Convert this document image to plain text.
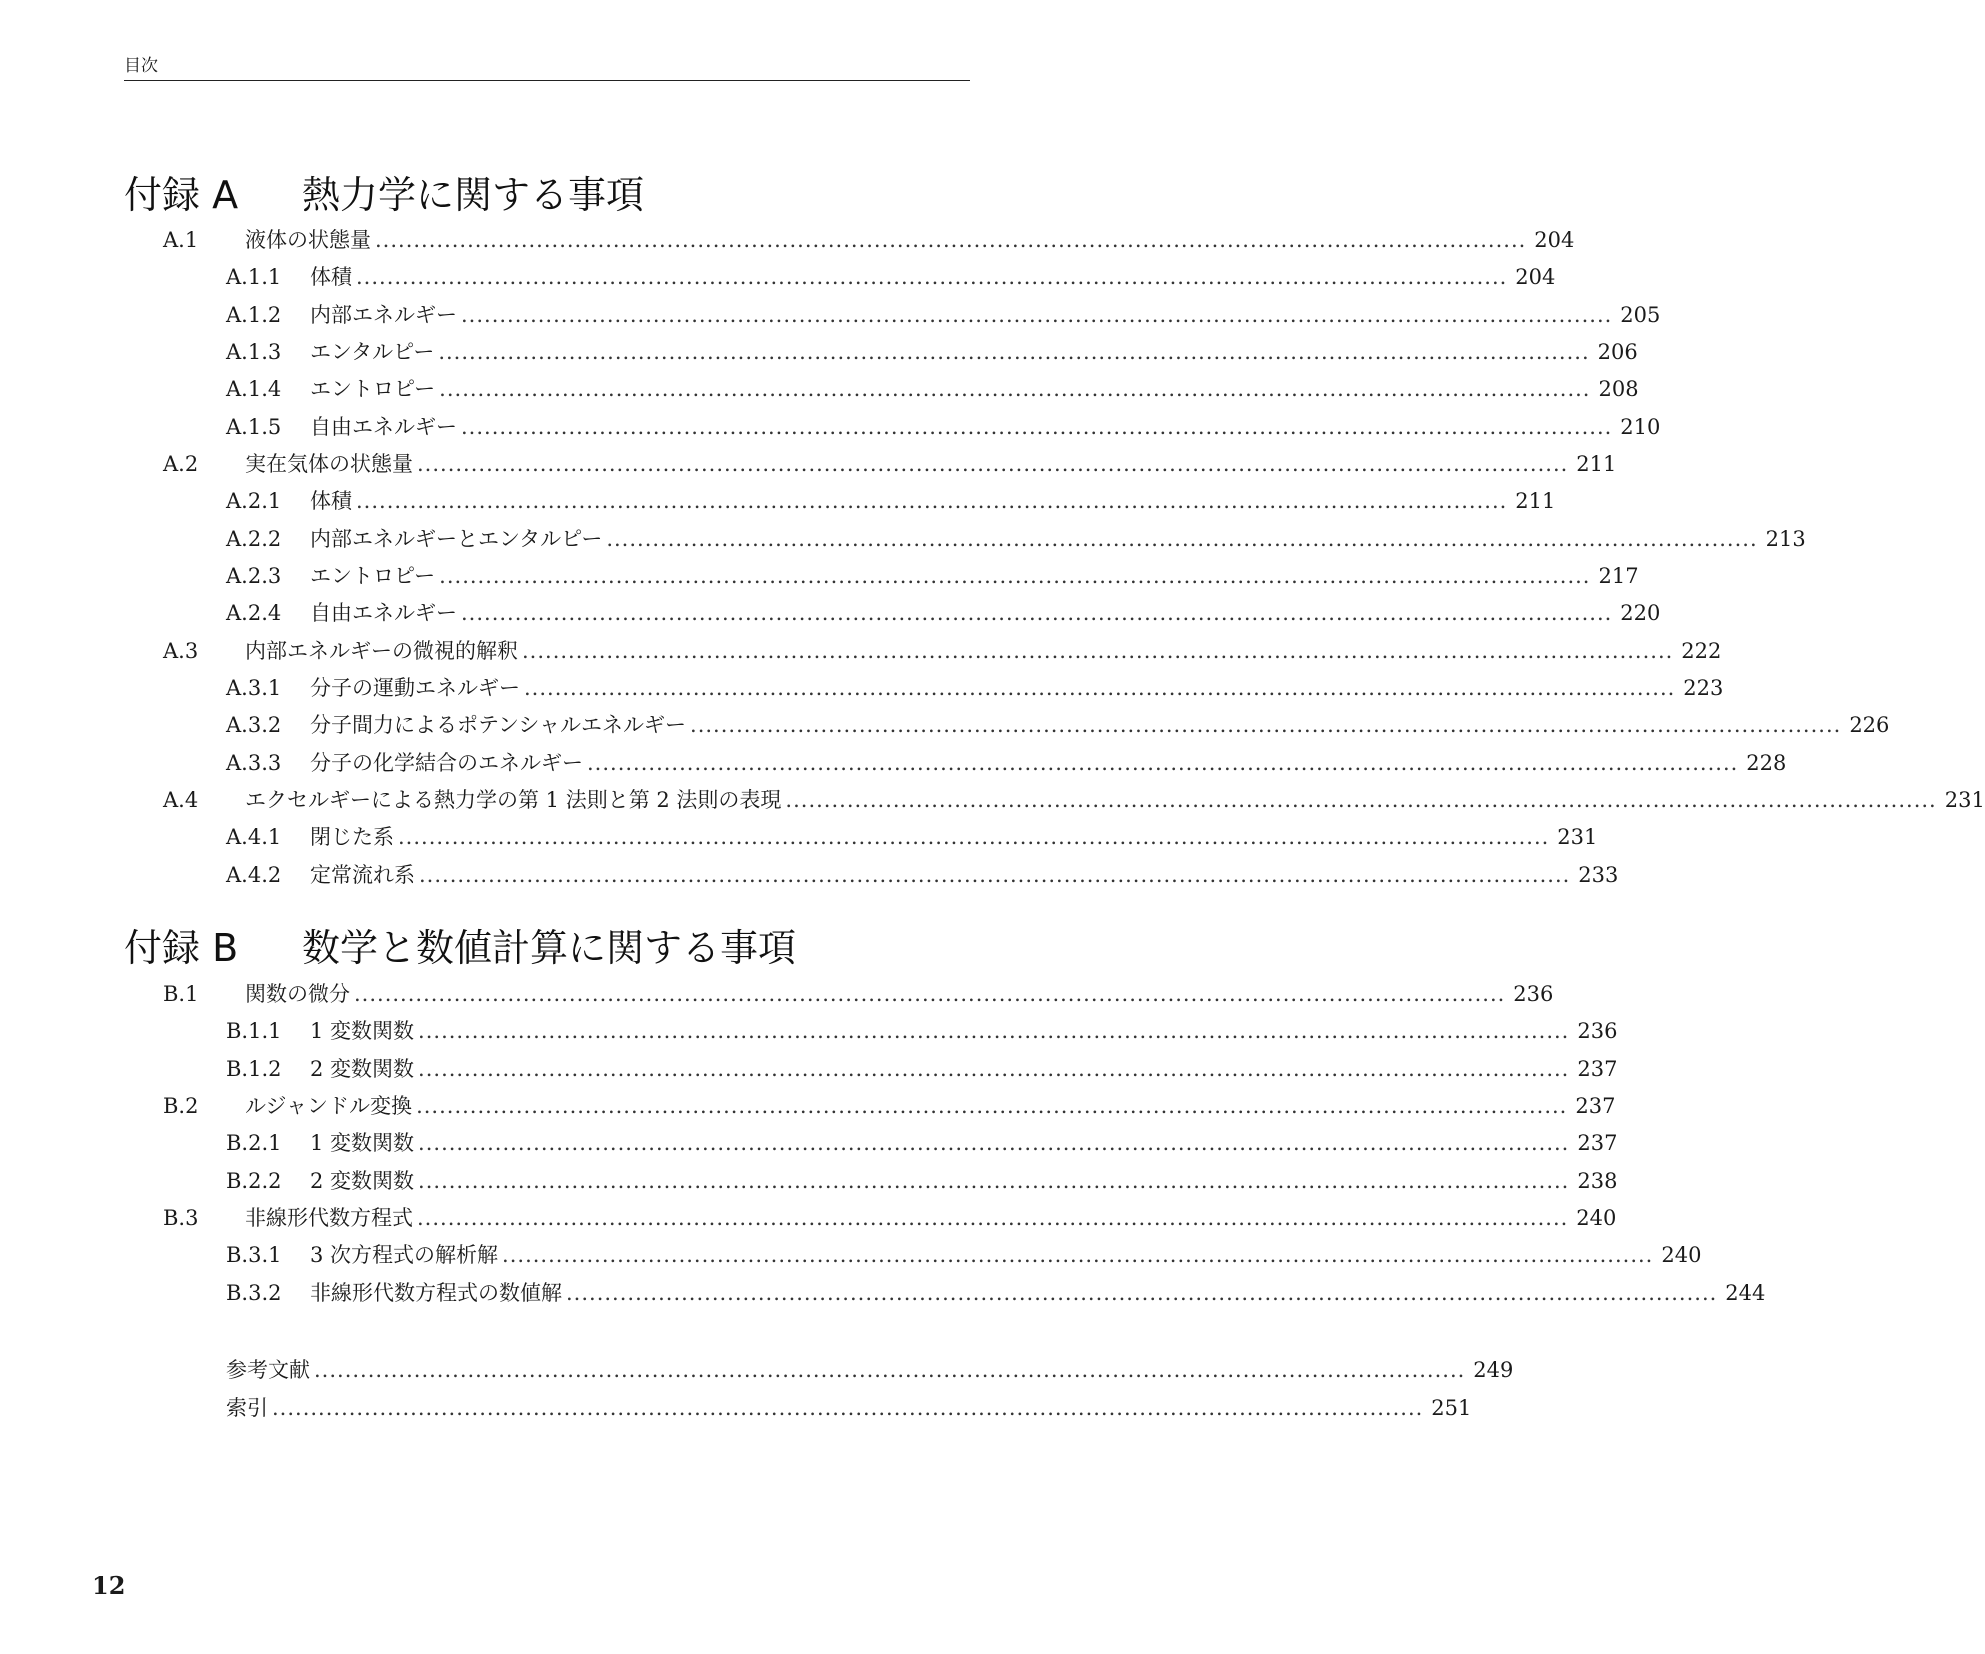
目次
付録 A 熱力学に関する事項
A.1	液体の状態量 ...................................................................................................................................................... 204
A.1.1	体積 ...................................................................................................................................................... 204
A.1.2	内部エネルギー ...................................................................................................................................................... 205
A.1.3	エンタルピー ...................................................................................................................................................... 206
A.1.4	エントロピー ...................................................................................................................................................... 208
A.1.5	自由エネルギー ...................................................................................................................................................... 210
A.2	実在気体の状態量 ...................................................................................................................................................... 211
A.2.1	体積 ...................................................................................................................................................... 211
A.2.2	内部エネルギーとエンタルピー ...................................................................................................................................................... 213
A.2.3	エントロピー ...................................................................................................................................................... 217
A.2.4	自由エネルギー ...................................................................................................................................................... 220
A.3	内部エネルギーの微視的解釈 ...................................................................................................................................................... 222
A.3.1	分子の運動エネルギー ...................................................................................................................................................... 223
A.3.2	分子間力によるポテンシャルエネルギー ...................................................................................................................................................... 226
A.3.3	分子の化学結合のエネルギー ...................................................................................................................................................... 228
A.4	エクセルギーによる熱力学の第 1 法則と第 2 法則の表現 ...................................................................................................................................................... 231
A.4.1	閉じた系 ...................................................................................................................................................... 231
A.4.2	定常流れ系 ...................................................................................................................................................... 233
付録 B 数学と数値計算に関する事項
B.1	関数の微分 ...................................................................................................................................................... 236
B.1.1	1 変数関数 ...................................................................................................................................................... 236
B.1.2	2 変数関数 ...................................................................................................................................................... 237
B.2	ルジャンドル変換 ...................................................................................................................................................... 237
B.2.1	1 変数関数 ...................................................................................................................................................... 237
B.2.2	2 変数関数 ...................................................................................................................................................... 238
B.3	非線形代数方程式 ...................................................................................................................................................... 240
B.3.1	3 次方程式の解析解 ...................................................................................................................................................... 240
B.3.2	非線形代数方程式の数値解 ...................................................................................................................................................... 244
参考文献 ...................................................................................................................................................... 249
索引 ...................................................................................................................................................... 251
12
